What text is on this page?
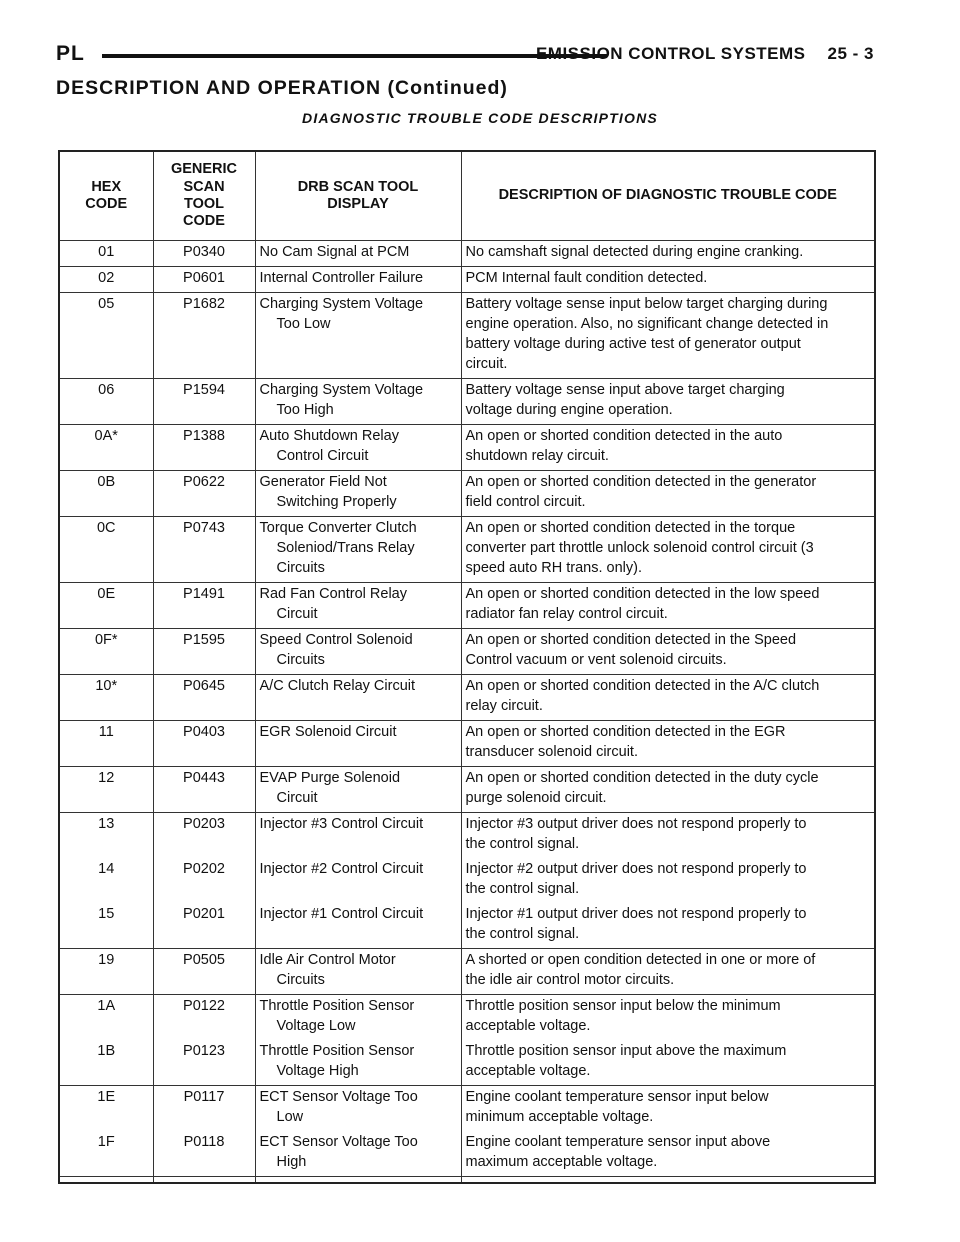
PL	EMISSION CONTROL SYSTEMS 25 - 3
DESCRIPTION AND OPERATION (Continued)
DIAGNOSTIC TROUBLE CODE DESCRIPTIONS
HEX
CODE	GENERIC
SCAN
TOOL
CODE	DRB SCAN TOOL
DISPLAY	DESCRIPTION OF DIAGNOSTIC TROUBLE CODE
01	P0340	No Cam Signal at PCM	No camshaft signal detected during engine cranking.
02	P0601	Internal Controller Failure	PCM Internal fault condition detected.
05	P1682	Charging System Voltage
Too Low	Battery voltage sense input below target charging during
engine operation. Also, no significant change detected in
battery voltage during active test of generator output
circuit.
06	P1594	Charging System Voltage
Too High	Battery voltage sense input above target charging
voltage during engine operation.
0A*	P1388	Auto Shutdown Relay
Control Circuit	An open or shorted condition detected in the auto
shutdown relay circuit.
0B	P0622	Generator Field Not
Switching Properly	An open or shorted condition detected in the generator
field control circuit.
0C	P0743	Torque Converter Clutch
Soleniod/Trans Relay
Circuits	An open or shorted condition detected in the torque
converter part throttle unlock solenoid control circuit (3
speed auto RH trans. only).
0E	P1491	Rad Fan Control Relay
Circuit	An open or shorted condition detected in the low speed
radiator fan relay control circuit.
0F*	P1595	Speed Control Solenoid
Circuits	An open or shorted condition detected in the Speed
Control vacuum or vent solenoid circuits.
10*	P0645	A/C Clutch Relay Circuit	An open or shorted condition detected in the A/C clutch
relay circuit.
11	P0403	EGR Solenoid Circuit	An open or shorted condition detected in the EGR
transducer solenoid circuit.
12	P0443	EVAP Purge Solenoid
Circuit	An open or shorted condition detected in the duty cycle
purge solenoid circuit.
13	P0203	Injector #3 Control Circuit	Injector #3 output driver does not respond properly to
the control signal.
14	P0202	Injector #2 Control Circuit	Injector #2 output driver does not respond properly to
the control signal.
15	P0201	Injector #1 Control Circuit	Injector #1 output driver does not respond properly to
the control signal.
19	P0505	Idle Air Control Motor
Circuits	A shorted or open condition detected in one or more of
the idle air control motor circuits.
1A	P0122	Throttle Position Sensor
Voltage Low	Throttle position sensor input below the minimum
acceptable voltage.
1B	P0123	Throttle Position Sensor
Voltage High	Throttle position sensor input above the maximum
acceptable voltage.
1E	P0117	ECT Sensor Voltage Too
Low	Engine coolant temperature sensor input below
minimum acceptable voltage.
1F	P0118	ECT Sensor Voltage Too
High	Engine coolant temperature sensor input above
maximum acceptable voltage.
